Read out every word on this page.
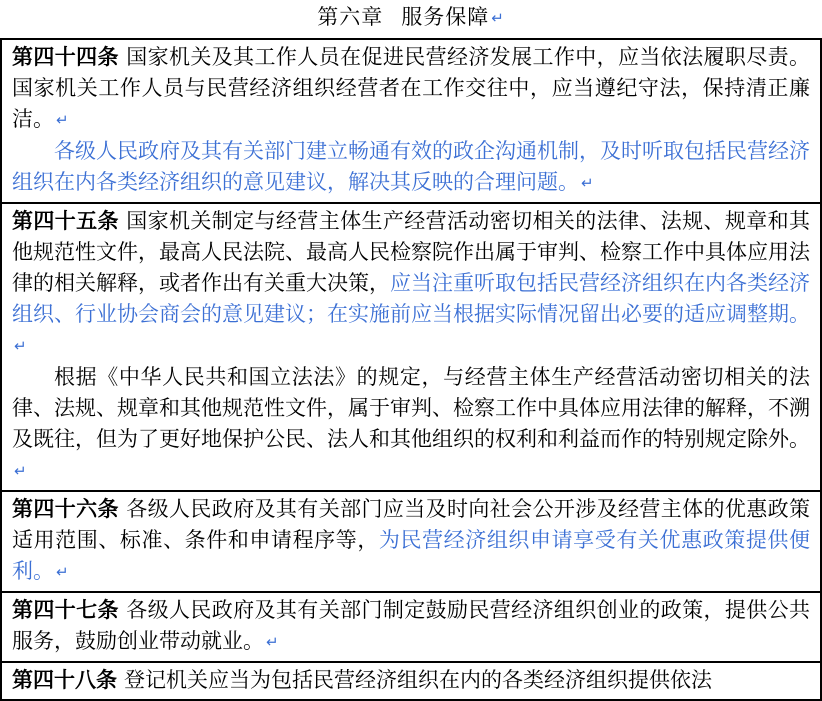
第六章 服务保障 ↵

第四十四条 国家机关及其工作人员在促进民营经济发展工作中，应当依法履职尽责。国家机关工作人员与民营经济组织经营者在工作交往中，应当遵纪守法，保持清正廉洁。 ↵

各级人民政府及其有关部门建立畅通有效的政企沟通机制，及时听取包括民营经济组织在内各类经济组织的意见建议，解决其反映的合理问题。 ↵

第四十五条 国家机关制定与经营主体生产经营活动密切相关的法律、法规、规章和其他规范性文件，最高人民法院、最高人民检察院作出属于审判、检察工作中具体应用法律的相关解释，或者作出有关重大决策，应当注重听取包括民营经济组织在内各类经济组织、行业协会商会的意见建议；在实施前应当根据实际情况留出必要的适应调整期。↵

根据《中华人民共和国立法法》的规定，与经营主体生产经营活动密切相关的法律、法规、规章和其他规范性文件，属于审判、检察工作中具体应用法律的解释，不溯及既往，但为了更好地保护公民、法人和其他组织的权利和利益而作的特别规定除外。↵

第四十六条 各级人民政府及其有关部门应当及时向社会公开涉及经营主体的优惠政策适用范围、标准、条件和申请程序等，为民营经济组织申请享受有关优惠政策提供便利。 ↵

第四十七条 各级人民政府及其有关部门制定鼓励民营经济组织创业的政策，提供公共服务，鼓励创业带动就业。 ↵

第四十八条 登记机关应当为包括民营经济组织在内的各类经济组织提供依法
